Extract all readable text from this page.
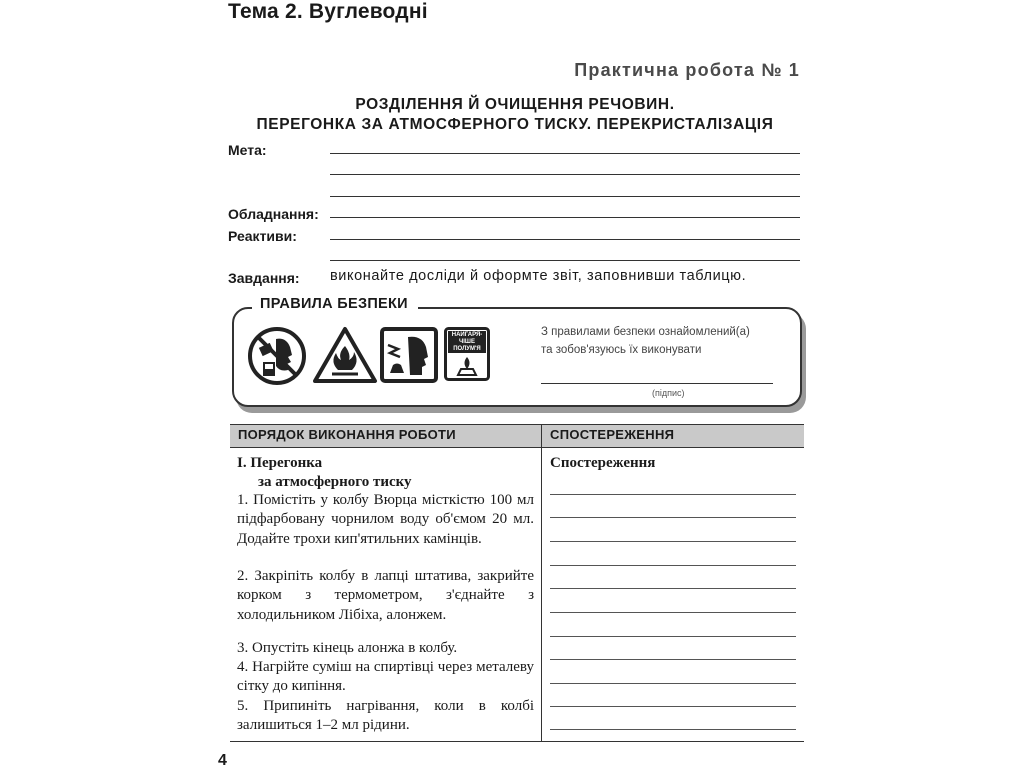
Тема 2. Вуглеводні
Практична робота № 1
РОЗДІЛЕННЯ Й ОЧИЩЕННЯ РЕЧОВИН.
ПЕРЕГОНКА ЗА АТМОСФЕРНОГО ТИСКУ. ПЕРЕКРИСТАЛІЗАЦІЯ
Мета:
Обладнання:
Реактиви:
Завдання: виконайте досліди й оформте звіт, заповнивши таблицю.
ПРАВИЛА БЕЗПЕКИ
НАЙГАРЯ-
ЧІШЕ
ПОЛУМ'Я
З правилами безпеки ознайомлений(а)
та зобов'язуюсь їх виконувати
(підпис)
ПОРЯДОК ВИКОНАННЯ РОБОТИ	СПОСТЕРЕЖЕННЯ
I. Перегонка
за атмосферного тиску
1. Помістіть у колбу Вюрца місткістю 100 мл підфарбовану чорнилом воду об'ємом 20 мл. Додайте трохи кип'ятильних камінців.
2. Закріпіть колбу в лапці штатива, закрийте корком з термометром, з'єднайте з холодильником Лібіха, алонжем.
3. Опустіть кінець алонжа в колбу.
4. Нагрійте суміш на спиртівці через металеву сітку до кипіння.
5. Припиніть нагрівання, коли в колбі залишиться 1–2 мл рідини.
Спостереження
4
